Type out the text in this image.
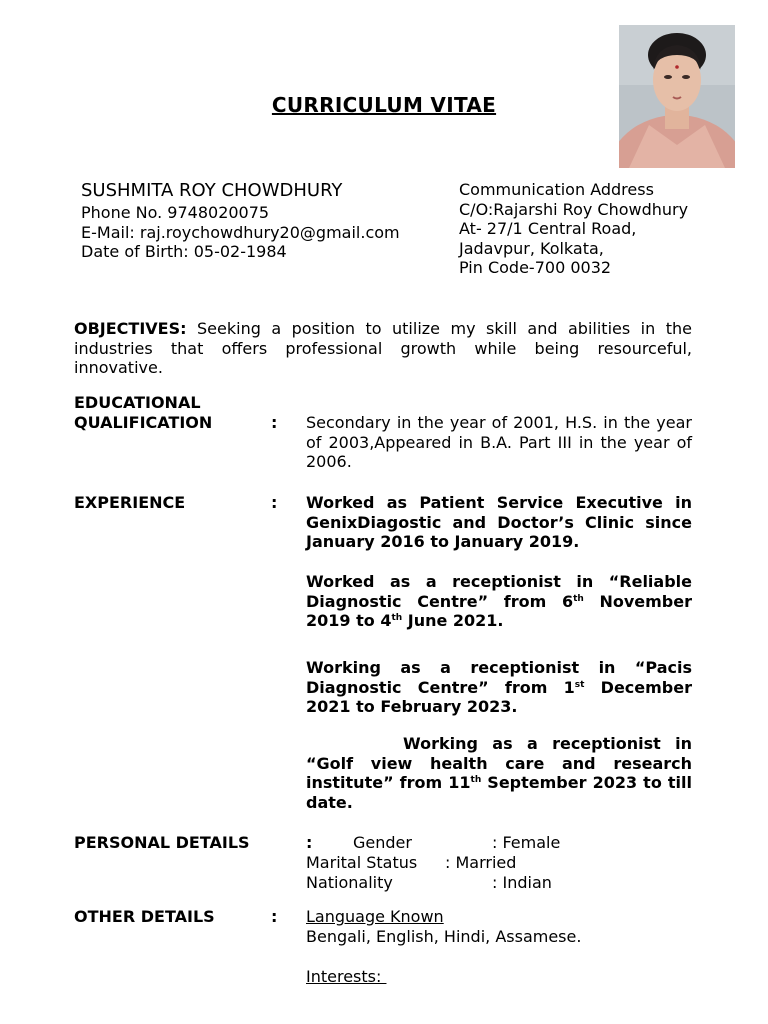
CURRICULUM VITAE
SUSHMITA ROY CHOWDHURY
Phone No. 9748020075
E-Mail: raj.roychowdhury20@gmail.com
Date of Birth: 05-02-1984
Communication Address
C/O:Rajarshi Roy Chowdhury
At- 27/1 Central Road,
Jadavpur, Kolkata,
Pin Code-700 0032
OBJECTIVES: Seeking a position to utilize my skill and abilities in the industries that offers professional growth while being resourceful, innovative.
EDUCATIONAL
QUALIFICATION	: Secondary in the year of 2001, H.S. in the year of 2003,Appeared in B.A. Part III in the year of 2006.
EXPERIENCE	: Worked as Patient Service Executive in GenixDiagostic and Doctor’s Clinic since January 2016 to January 2019.
Worked as a receptionist in “Reliable Diagnostic Centre” from 6th November 2019 to 4th June 2021.
Working as a receptionist in “Pacis Diagnostic Centre” from 1st December 2021 to February 2023.
Working as a receptionist in “Golf view health care and research institute” from 11th September 2023 to till date.
PERSONAL DETAILS	:	Gender	: Female
Marital Status : Married
Nationality	: Indian
OTHER DETAILS	: Language Known
Bengali, English, Hindi, Assamese.
Interests:
